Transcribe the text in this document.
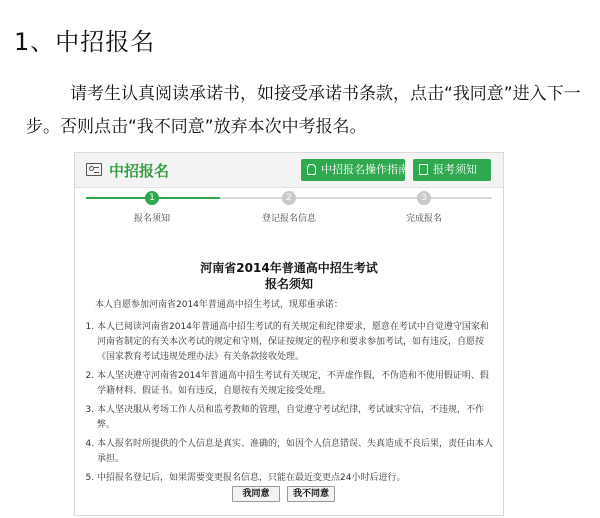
1、中招报名
请考生认真阅读承诺书，如接受承诺书条款，点击“我同意”进入下一步。否则点击“我不同意”放弃本次中考报名。
中招报名	中招报名操作指南	报考须知
1
报名须知
2
登记报名信息
3
完成报名
河南省2014年普通高中招生考试
报名须知

本人自愿参加河南省2014年普通高中招生考试，现郑重承诺：

1. 本人已阅读河南省2014年普通高中招生考试的有关规定和纪律要求，愿意在考试中自觉遵守国家和河南省制定的有关本次考试的规定和守则，保证按规定的程序和要求参加考试，如有违反，自愿按《国家教育考试违规处理办法》有关条款接收处理。
2. 本人坚决遵守河南省2014年普通高中招生考试有关规定，不弄虚作假，不伪造和不使用假证明、假学籍材料、假证书。如有违反，自愿按有关规定接受处理。
3. 本人坚决服从考场工作人员和监考教师的管理，自觉遵守考试纪律，考试诚实守信，不违规，不作弊。
4. 本人报名时所提供的个人信息是真实、准确的，如因个人信息错误、失真造成不良后果，责任由本人承担。
5. 中招报名登记后，如果需要变更报名信息，只能在最近变更点24小时后进行。
我同意	我不同意
